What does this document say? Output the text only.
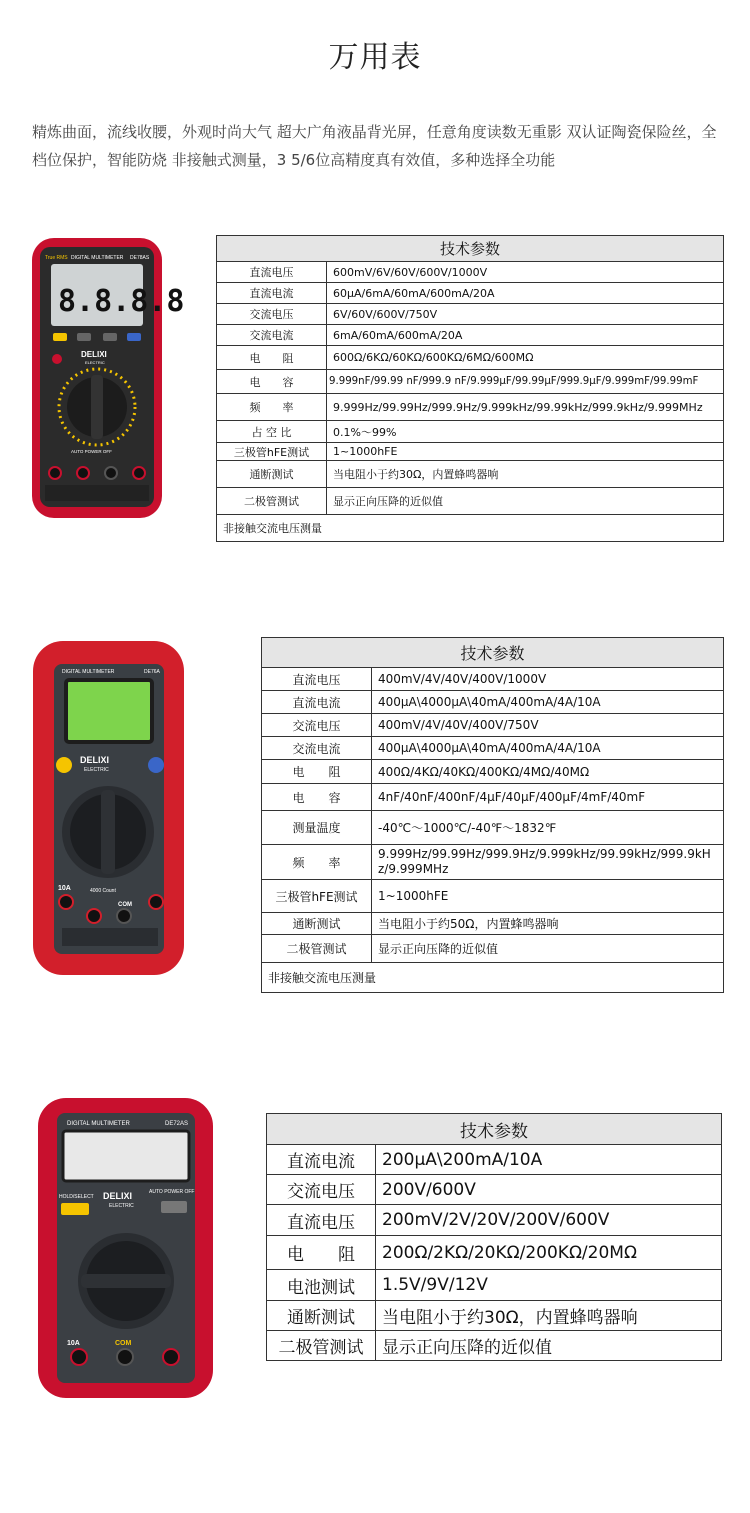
万用表

精炼曲面，流线收腰，外观时尚大气 超大广角液晶背光屏，任意角度读数无重影 双认证陶瓷保险丝，全档位保护，智能防烧 非接触式测量，3 5/6位高精度真有效值，多种选择全功能

True RMS DIGITAL MULTIMETER DE78AS
8.8.8.8
DELIXI
ELECTRIC
AUTO POWER OFF
技术参数	
直流电压	600mV/6V/60V/600V/1000V
直流电流	60μA/6mA/60mA/600mA/20A
交流电压	6V/60V/600V/750V
交流电流	6mA/60mA/600mA/20A
电　　阻	600Ω/6KΩ/60KΩ/600KΩ/6MΩ/600MΩ
电　　容	9.999nF/99.99 nF/999.9 nF/9.999μF/99.99μF/999.9μF/9.999mF/99.99mF
频　　率	9.999Hz/99.99Hz/999.9Hz/9.999kHz/99.99kHz/999.9kHz/9.999MHz
占 空 比	0.1%～99%
三极管hFE测试	1~1000hFE
通断测试	当电阻小于约30Ω，内置蜂鸣器响
二极管测试	显示正向压降的近似值
非接触交流电压测量	
DIGITAL MULTIMETER	DE76A
DELIXI
ELECTRIC
4000 Count
10A
COM
技术参数	
直流电压	400mV/4V/40V/400V/1000V
直流电流	400μA\4000μA\40mA/400mA/4A/10A
交流电压	400mV/4V/40V/400V/750V
交流电流	400μA\4000μA\40mA/400mA/4A/10A
电　　阻	400Ω/4KΩ/40KΩ/400KΩ/4MΩ/40MΩ
电　　容	4nF/40nF/400nF/4μF/40μF/400μF/4mF/40mF
测量温度	-40℃～1000℃/-40℉～1832℉
频　　率	9.999Hz/99.99Hz/999.9Hz/9.999kHz/99.99kHz/999.9kHz/9.999MHz
三极管hFE测试	1~1000hFE
通断测试	当电阻小于约50Ω，内置蜂鸣器响
二极管测试	显示正向压降的近似值
非接触交流电压测量	
DIGITAL MULTIMETER	DE72AS
HOLD/SELECT DELIXI
ELECTRIC
AUTO POWER OFF
10A	COM
技术参数	
直流电流	200μA\200mA/10A
交流电压	200V/600V
直流电压	200mV/2V/20V/200V/600V
电　　阻	200Ω/2KΩ/20KΩ/200KΩ/20MΩ
电池测试	1.5V/9V/12V
通断测试	当电阻小于约30Ω，内置蜂鸣器响
二极管测试	显示正向压降的近似值
